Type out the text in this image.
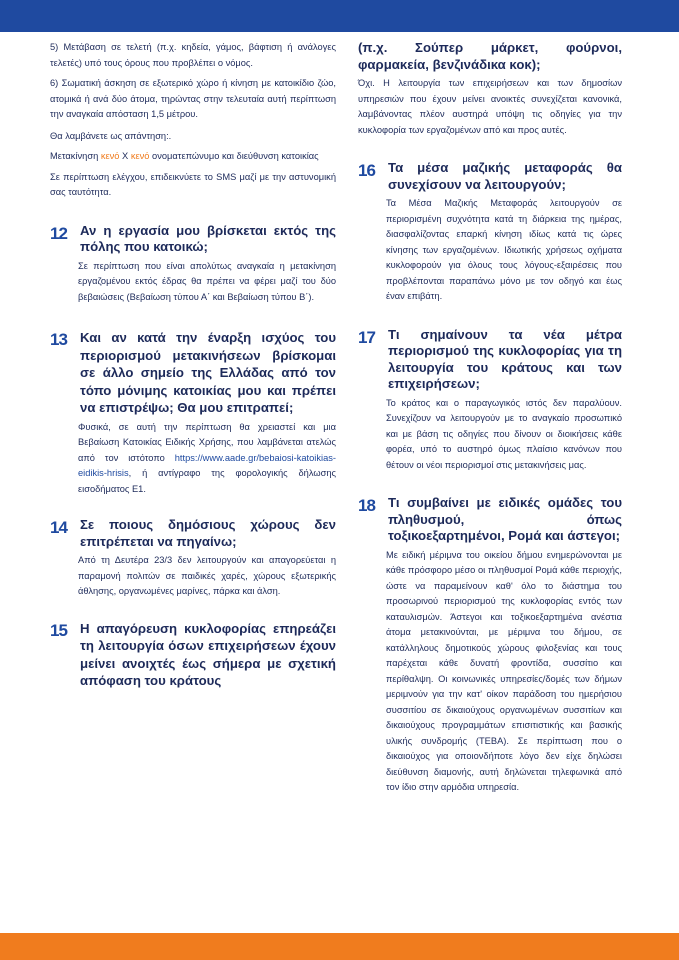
5) Μετάβαση σε τελετή (π.χ. κηδεία, γάμος, βάφτιση ή ανάλογες τελετές) υπό τους όρους που προβλέπει ο νόμος.

6) Σωματική άσκηση σε εξωτερικό χώρο ή κίνηση με κατοικίδιο ζώο, ατομικά ή ανά δύο άτομα, τηρώντας στην τελευταία αυτή περίπτωση την αναγκαία απόσταση 1,5 μέτρου.

Θα λαμβάνετε ως απάντηση:.

Μετακίνηση κενό Χ κενό ονοματεπώνυμο και διεύθυνση κατοικίας

Σε περίπτωση ελέγχου, επιδεικνύετε το SMS μαζί με την αστυνομική σας ταυτότητα.

12 Αν η εργασία μου βρίσκεται εκτός της πόλης που κατοικώ;

Σε περίπτωση που είναι απολύτως αναγκαία η μετακίνηση εργαζομένου εκτός έδρας θα πρέπει να φέρει μαζί του δύο βεβαιώσεις (Βεβαίωση τύπου Α΄ και Βεβαίωση τύπου Β΄).

13 Και αν κατά την έναρξη ισχύος του περιορισμού μετακινήσεων βρίσκομαι σε άλλο σημείο της Ελλάδας από τον τόπο μόνιμης κατοικίας μου και πρέπει να επιστρέψω; Θα μου επιτραπεί;

Φυσικά, σε αυτή την περίπτωση θα χρειαστεί και μια Βεβαίωση Κατοικίας Ειδικής Χρήσης, που λαμβάνεται ατελώς από τον ιστότοπο https://www.aade.gr/bebaiosi-katoikias-eidikis-hrisis, ή αντίγραφο της φορολογικής δήλωσης εισοδήματος Ε1.

14 Σε ποιους δημόσιους χώρους δεν επιτρέπεται να πηγαίνω;

Από τη Δευτέρα 23/3 δεν λειτουργούν και απαγορεύεται η παραμονή πολιτών σε παιδικές χαρές, χώρους εξωτερικής άθλησης, οργανωμένες μαρίνες, πάρκα και άλση.

15 Η απαγόρευση κυκλοφορίας επηρεάζει τη λειτουργία όσων επιχειρήσεων έχουν μείνει ανοιχτές έως σήμερα με σχετική απόφαση του κράτους
(π.χ. Σούπερ μάρκετ, φούρνοι, φαρμακεία, βενζινάδικα κοκ);

Όχι. Η λειτουργία των επιχειρήσεων και των δημοσίων υπηρεσιών που έχουν μείνει ανοικτές συνεχίζεται κανονικά, λαμβάνοντας πλέον αυστηρά υπόψη τις οδηγίες για την κυκλοφορία των εργαζομένων από και προς αυτές.

16 Τα μέσα μαζικής μεταφοράς θα συνεχίσουν να λειτουργούν;

Τα Μέσα Μαζικής Μεταφοράς λειτουργούν σε περιορισμένη συχνότητα κατά τη διάρκεια της ημέρας, διασφαλίζοντας επαρκή κίνηση ιδίως κατά τις ώρες κίνησης των εργαζομένων. Ιδιωτικής χρήσεως οχήματα κυκλοφορούν για όλους τους λόγους-εξαιρέσεις που προβλέπονται παραπάνω μόνο με τον οδηγό και έως έναν επιβάτη.

17 Τι σημαίνουν τα νέα μέτρα περιορισμού της κυκλοφορίας για τη λειτουργία του κράτους και των επιχειρήσεων;

Το κράτος και ο παραγωγικός ιστός δεν παραλύουν. Συνεχίζουν να λειτουργούν με το αναγκαίο προσωπικό και με βάση τις οδηγίες που δίνουν οι διοικήσεις κάθε φορέα, υπό το αυστηρό όμως πλαίσιο κανόνων που θέτουν οι νέοι περιορισμοί στις μετακινήσεις μας.

18 Τι συμβαίνει με ειδικές ομάδες του πληθυσμού, όπως τοξικοεξαρτημένοι, Ρομά και άστεγοι;

Με ειδική μέριμνα του οικείου δήμου ενημερώνονται με κάθε πρόσφορο μέσο οι πληθυσμοί Ρομά κάθε περιοχής, ώστε να παραμείνουν καθ' όλο το διάστημα του προσωρινού περιορισμού της κυκλοφορίας εντός των καταυλισμών. Άστεγοι και τοξικοεξαρτημένα ανέστια άτομα μετακινούνται, με μέριμνα του δήμου, σε κατάλληλους δημοτικούς χώρους φιλοξενίας και τους παρέχεται κάθε δυνατή φροντίδα, συσσίτιο και περίθαλψη. Οι κοινωνικές υπηρεσίες/δομές των δήμων μεριμνούν για την κατ' οίκον παράδοση του ημερήσιου συσσιτίου σε δικαιούχους οργανωμένων συσσιτίων και δικαιούχους προγραμμάτων επισιτιστικής και βασικής υλικής συνδρομής (ΤΕΒΑ). Σε περίπτωση που ο δικαιούχος για οποιονδήποτε λόγο δεν είχε δηλώσει διεύθυνση διαμονής, αυτή δηλώνεται τηλεφωνικά από τον ίδιο στην αρμόδια υπηρεσία.
